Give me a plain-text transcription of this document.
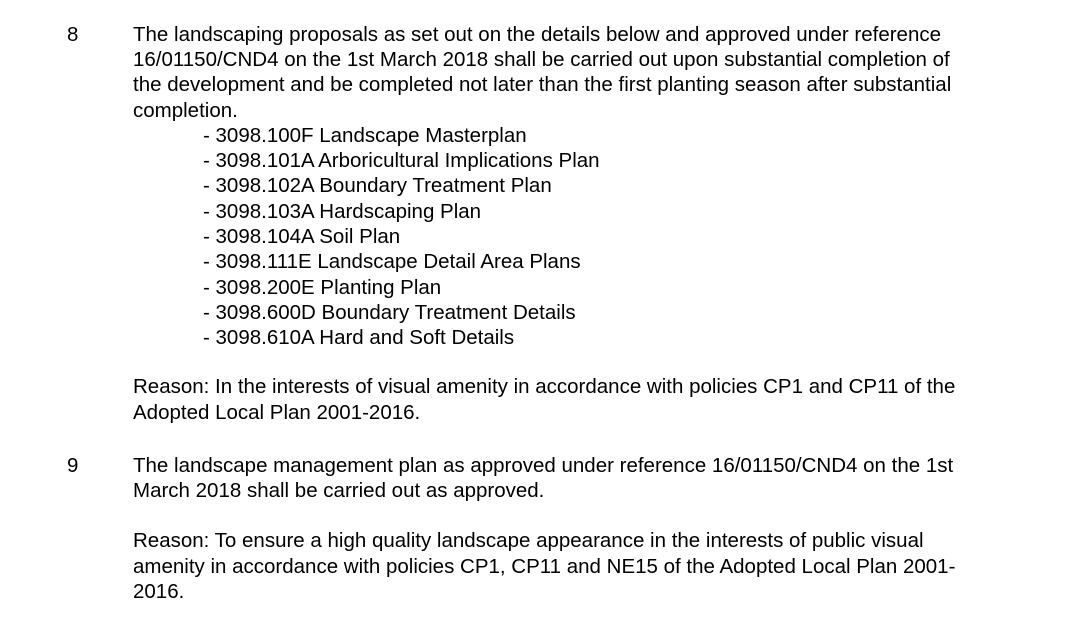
8	The landscaping proposals as set out on the details below and approved under reference
16/01150/CND4 on the 1st March 2018 shall be carried out upon substantial completion of
the development and be completed not later than the first planting season after substantial
completion.

- 3098.100F Landscape Masterplan
- 3098.101A Arboricultural Implications Plan
- 3098.102A Boundary Treatment Plan
- 3098.103A Hardscaping Plan
- 3098.104A Soil Plan
- 3098.111E Landscape Detail Area Plans
- 3098.200E Planting Plan
- 3098.600D Boundary Treatment Details
- 3098.610A Hard and Soft Details

Reason: In the interests of visual amenity in accordance with policies CP1 and CP11 of the
Adopted Local Plan 2001-2016.

9	The landscape management plan as approved under reference 16/01150/CND4 on the 1st
March 2018 shall be carried out as approved.

Reason: To ensure a high quality landscape appearance in the interests of public visual
amenity in accordance with policies CP1, CP11 and NE15 of the Adopted Local Plan 2001-
2016.
